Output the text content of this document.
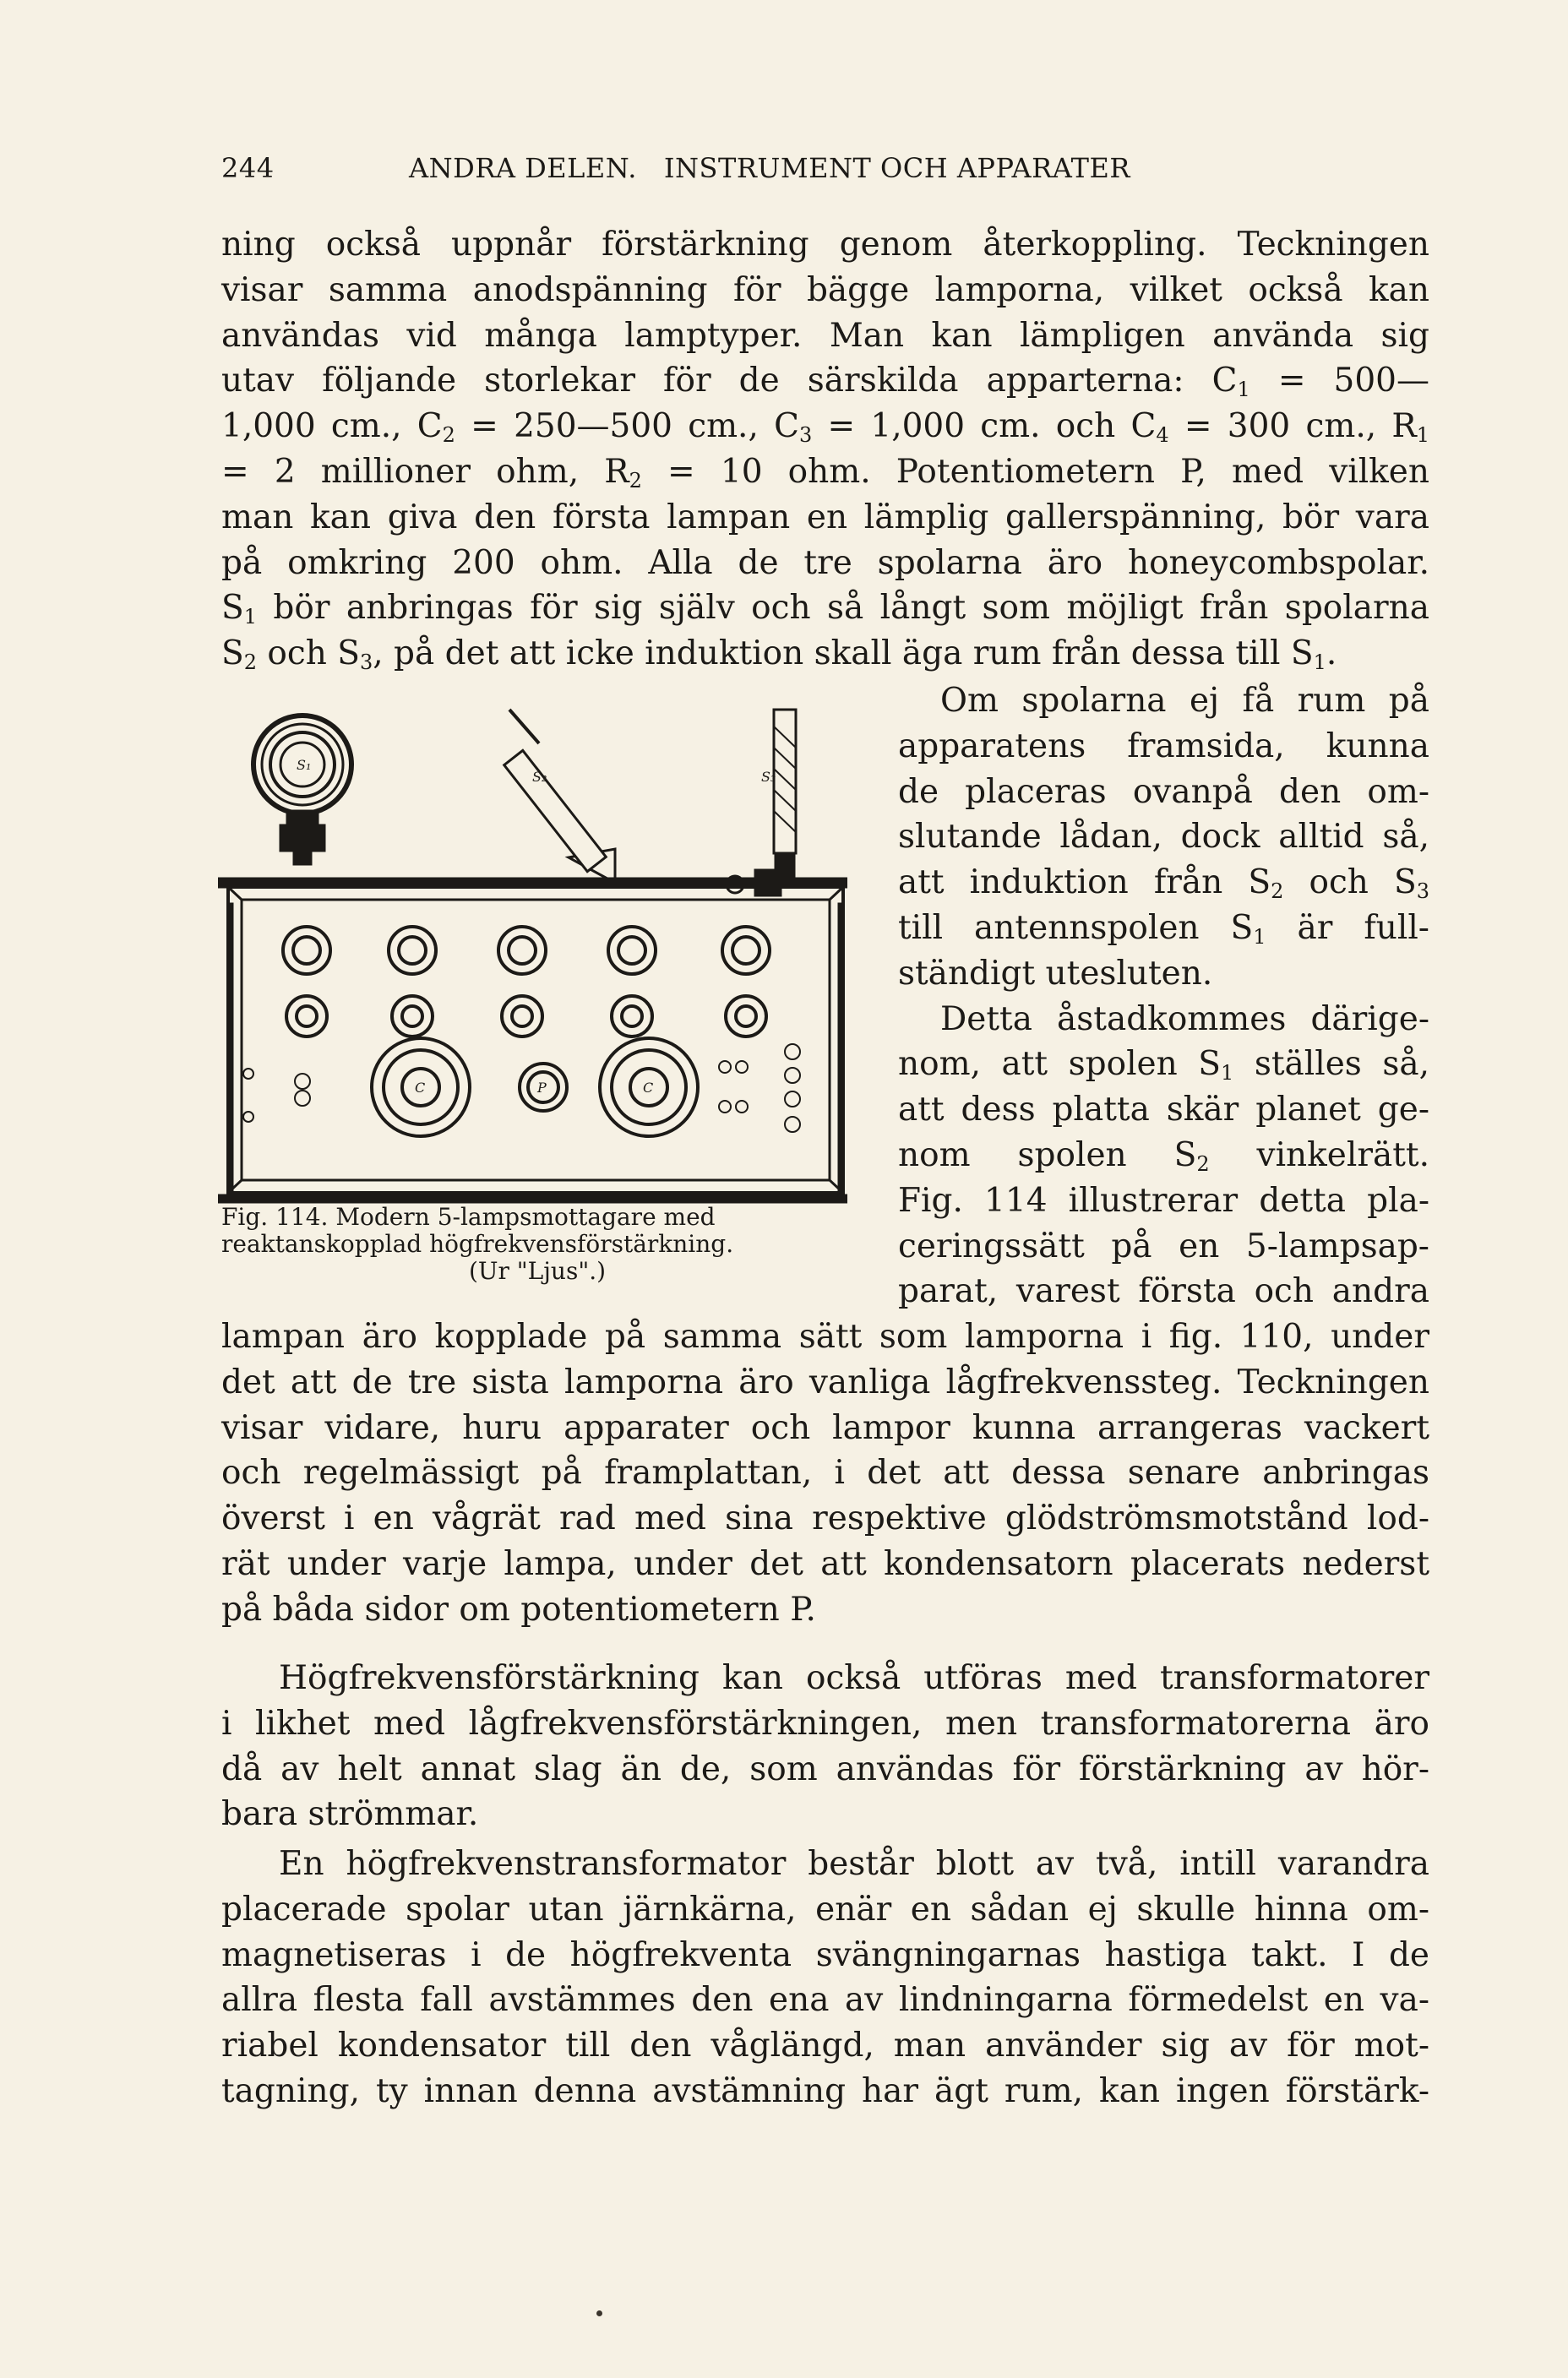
244	ANDRA DELEN.   INSTRUMENT OCH APPARATER
ning också uppnår förstärkning genom återkoppling. Teckningen
visar samma anodspänning för bägge lamporna, vilket också kan
användas vid många lamptyper. Man kan lämpligen använda sig
utav följande storlekar för de särskilda apparterna: $C_1$ = 500—
1,000 cm., $C_2$ = 250—500 cm., $C_3 = 1,000$ cm. och $C_4 = 300$ cm., $R_1$
= 2 millioner ohm, $R_2 = 10$ ohm. Potentiometern P, med vilken
man kan giva den första lampan en lämplig gallerspänning, bör vara
på omkring 200 ohm. Alla de tre spolarna äro honeycombspolar.
$S_1$ bör anbringas för sig själv och så långt som möjligt från spolarna
$S_2$ och $S_3$, på det att icke induktion skall äga rum från dessa till $S_1$.
Om spolarna ej få rum på
apparatens framsida, kunna
de placeras ovanpå den om-
slutande lådan, dock alltid så,
att induktion från $S_2$ och $S_3$
till antennspolen $S_1$ är full-
ständigt utesluten.
Detta åstadkommes därige-
nom, att spolen $S_1$ ställes så,
att dess platta skär planet ge-
nom spolen $S_2$ vinkelrätt.
Fig. 114 illustrerar detta pla-
ceringssätt på en 5-lampsap-
parat, varest första och andra
S₁
S₂	S₃
C	P	C
Fig. 114. Modern 5-lampsmottagare med
reaktanskopplad högfrekvensförstärkning.
(Ur "Ljus".)
lampan äro kopplade på samma sätt som lamporna i fig. 110, under
det att de tre sista lamporna äro vanliga lågfrekvenssteg. Teckningen
visar vidare, huru apparater och lampor kunna arrangeras vackert
och regelmässigt på framplattan, i det att dessa senare anbringas
överst i en vågrät rad med sina respektive glödströmsmotstånd lod-
rät under varje lampa, under det att kondensatorn placerats nederst
på båda sidor om potentiometern P.
Högfrekvensförstärkning kan också utföras med transformatorer
i likhet med lågfrekvensförstärkningen, men transformatorerna äro
då av helt annat slag än de, som användas för förstärkning av hör-
bara strömmar.
En högfrekvenstransformator består blott av två, intill varandra
placerade spolar utan järnkärna, enär en sådan ej skulle hinna om-
magnetiseras i de högfrekventa svängningarnas hastiga takt. I de
allra flesta fall avstämmes den ena av lindningarna förmedelst en va-
riabel kondensator till den våglängd, man använder sig av för mot-
tagning, ty innan denna avstämning har ägt rum, kan ingen förstärk-
